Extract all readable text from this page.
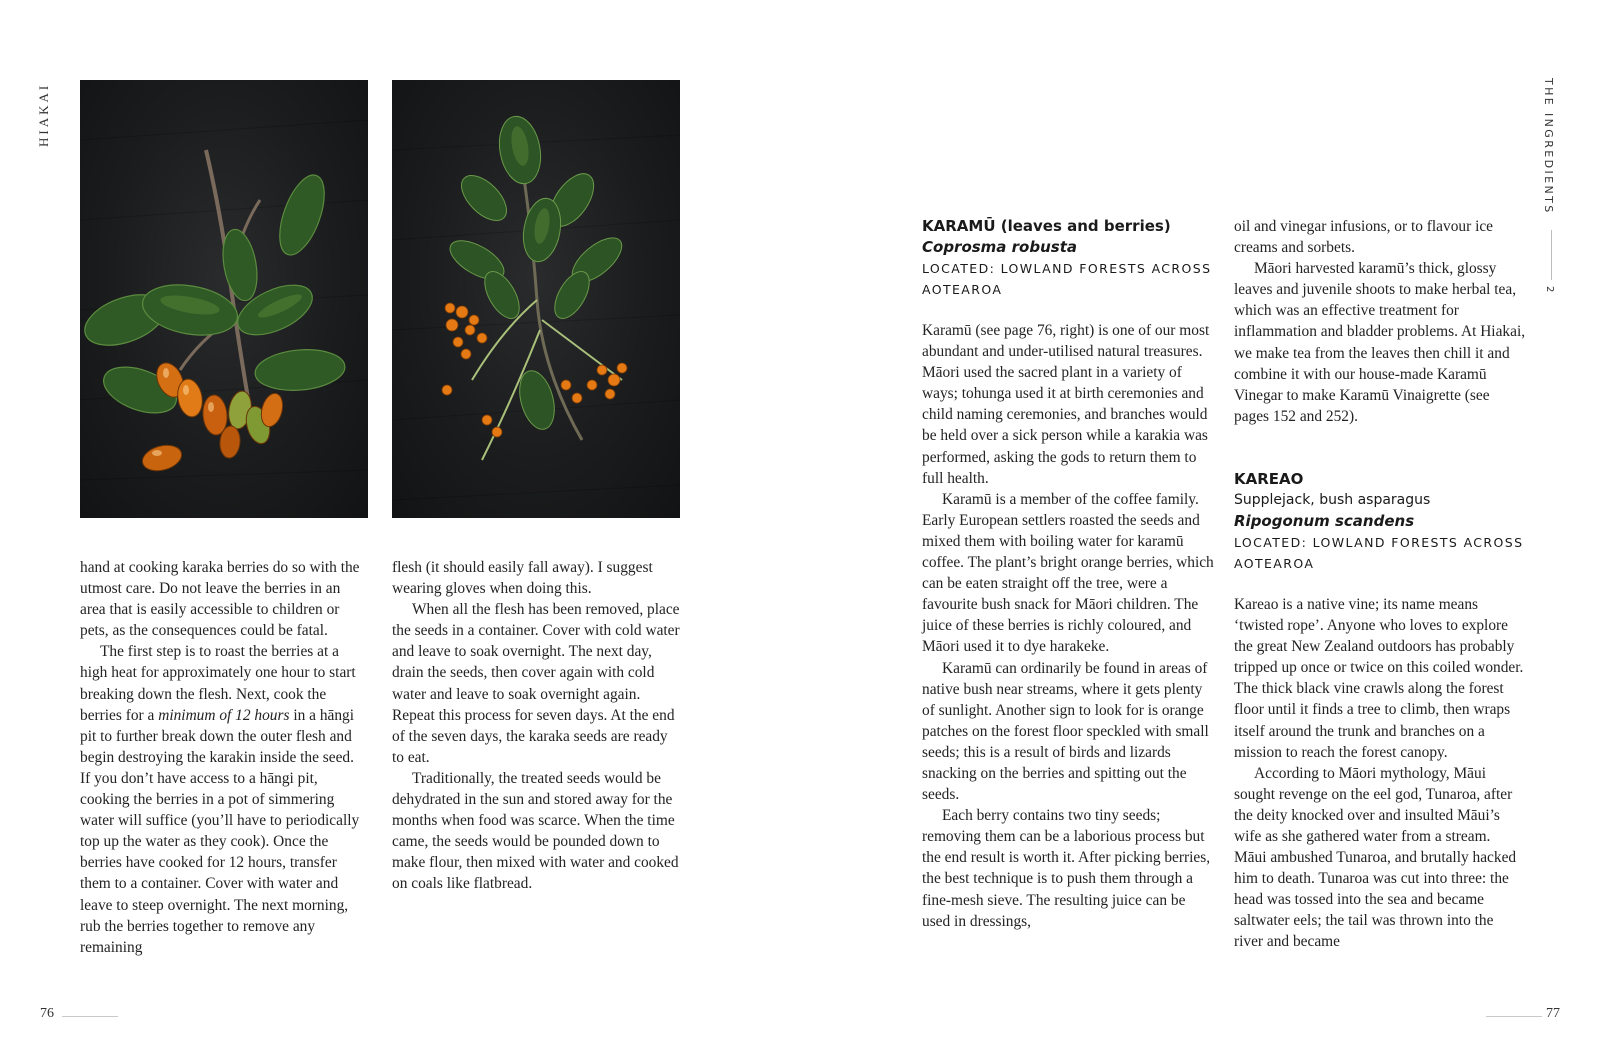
HIAKAI	THE INGREDIENTS
2

hand at cooking karaka berries do so with the utmost care. Do not leave the berries in an area that is easily accessible to children or pets, as the consequences could be fatal.

The first step is to roast the berries at a high heat for approximately one hour to start breaking down the flesh. Next, cook the berries for a minimum of 12 hours in a hāngi pit to further break down the outer flesh and begin destroying the karakin inside the seed. If you don’t have access to a hāngi pit, cooking the berries in a pot of simmering water will suffice (you’ll have to periodically top up the water as they cook). Once the berries have cooked for 12 hours, transfer them to a container. Cover with water and leave to steep overnight. The next morning, rub the berries together to remove any remaining

flesh (it should easily fall away). I suggest wearing gloves when doing this.

When all the flesh has been removed, place the seeds in a container. Cover with cold water and leave to soak overnight. The next day, drain the seeds, then cover again with cold water and leave to soak overnight again. Repeat this process for seven days. At the end of the seven days, the karaka seeds are ready to eat.

Traditionally, the treated seeds would be dehydrated in the sun and stored away for the months when food was scarce. When the time came, the seeds would be pounded down to make flour, then mixed with water and cooked on coals like flatbread.

KARAMŪ (leaves and berries)
Coprosma robusta
LOCATED: LOWLAND FORESTS ACROSS AOTEAROA

Karamū (see page 76, right) is one of our most abundant and under-utilised natural treasures. Māori used the sacred plant in a variety of ways; tohunga used it at birth ceremonies and child naming ceremonies, and branches would be held over a sick person while a karakia was performed, asking the gods to return them to full health.

Karamū is a member of the coffee family. Early European settlers roasted the seeds and mixed them with boiling water for karamū coffee. The plant’s bright orange berries, which can be eaten straight off the tree, were a favourite bush snack for Māori children. The juice of these berries is richly coloured, and Māori used it to dye harakeke.

Karamū can ordinarily be found in areas of native bush near streams, where it gets plenty of sunlight. Another sign to look for is orange patches on the forest floor speckled with small seeds; this is a result of birds and lizards snacking on the berries and spitting out the seeds.

Each berry contains two tiny seeds; removing them can be a laborious process but the end result is worth it. After picking berries, the best technique is to push them through a fine-mesh sieve. The resulting juice can be used in dressings,

oil and vinegar infusions, or to flavour ice creams and sorbets.

Māori harvested karamū’s thick, glossy leaves and juvenile shoots to make herbal tea, which was an effective treatment for inflammation and bladder problems. At Hiakai, we make tea from the leaves then chill it and combine it with our house-made Karamū Vinegar to make Karamū Vinaigrette (see pages 152 and 252).

KAREAO
Supplejack, bush asparagus
Ripogonum scandens
LOCATED: LOWLAND FORESTS ACROSS AOTEAROA

Kareao is a native vine; its name means ‘twisted rope’. Anyone who loves to explore the great New Zealand outdoors has probably tripped up once or twice on this coiled wonder. The thick black vine crawls along the forest floor until it finds a tree to climb, then wraps itself around the trunk and branches on a mission to reach the forest canopy.

According to Māori mythology, Māui sought revenge on the eel god, Tunaroa, after the deity knocked over and insulted Māui’s wife as she gathered water from a stream. Māui ambushed Tunaroa, and brutally hacked him to death. Tunaroa was cut into three: the head was tossed into the sea and became saltwater eels; the tail was thrown into the river and became

76	77
